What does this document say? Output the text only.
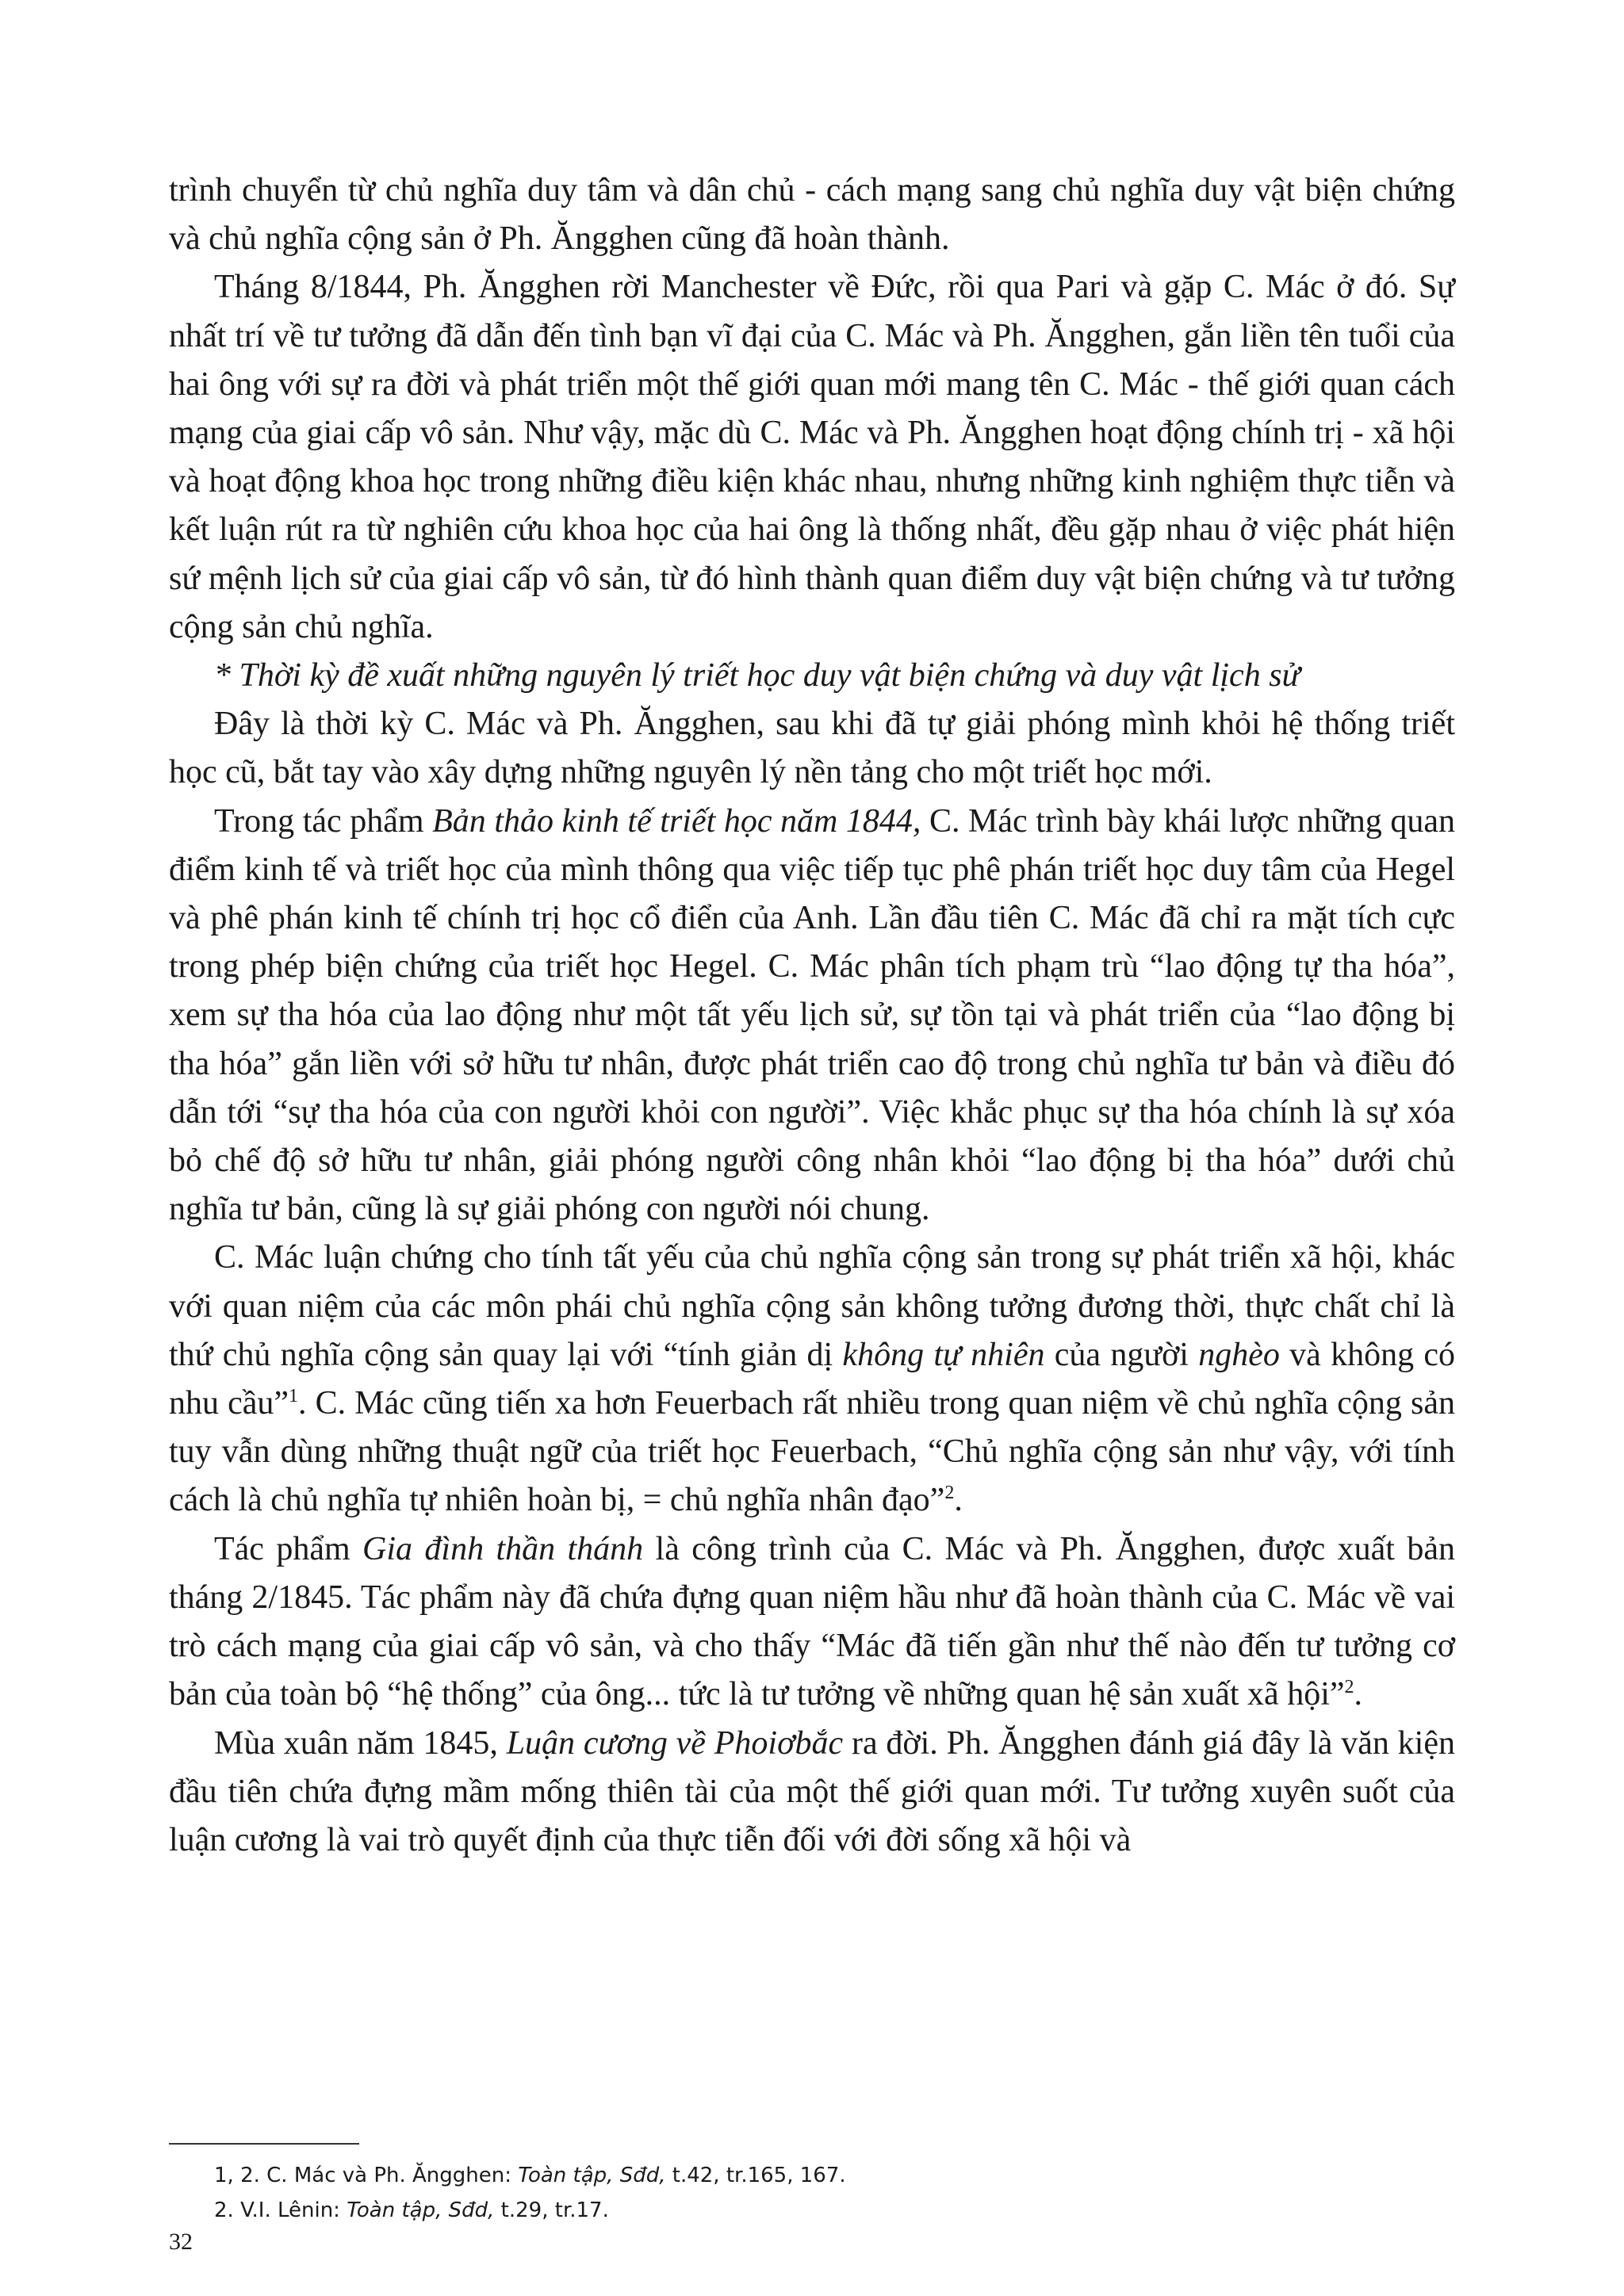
trình chuyển từ chủ nghĩa duy tâm và dân chủ - cách mạng sang chủ nghĩa duy vật biện chứng và chủ nghĩa cộng sản ở Ph. Ăngghen cũng đã hoàn thành.

Tháng 8/1844, Ph. Ăngghen rời Manchester về Đức, rồi qua Pari và gặp C. Mác ở đó. Sự nhất trí về tư tưởng đã dẫn đến tình bạn vĩ đại của C. Mác và Ph. Ăngghen, gắn liền tên tuổi của hai ông với sự ra đời và phát triển một thế giới quan mới mang tên C. Mác - thế giới quan cách mạng của giai cấp vô sản. Như vậy, mặc dù C. Mác và Ph. Ăngghen hoạt động chính trị - xã hội và hoạt động khoa học trong những điều kiện khác nhau, nhưng những kinh nghiệm thực tiễn và kết luận rút ra từ nghiên cứu khoa học của hai ông là thống nhất, đều gặp nhau ở việc phát hiện sứ mệnh lịch sử của giai cấp vô sản, từ đó hình thành quan điểm duy vật biện chứng và tư tưởng cộng sản chủ nghĩa.

* Thời kỳ đề xuất những nguyên lý triết học duy vật biện chứng và duy vật lịch sử

Đây là thời kỳ C. Mác và Ph. Ăngghen, sau khi đã tự giải phóng mình khỏi hệ thống triết học cũ, bắt tay vào xây dựng những nguyên lý nền tảng cho một triết học mới.

Trong tác phẩm Bản thảo kinh tế triết học năm 1844, C. Mác trình bày khái lược những quan điểm kinh tế và triết học của mình thông qua việc tiếp tục phê phán triết học duy tâm của Hegel và phê phán kinh tế chính trị học cổ điển của Anh. Lần đầu tiên C. Mác đã chỉ ra mặt tích cực trong phép biện chứng của triết học Hegel. C. Mác phân tích phạm trù “lao động tự tha hóa”, xem sự tha hóa của lao động như một tất yếu lịch sử, sự tồn tại và phát triển của “lao động bị tha hóa” gắn liền với sở hữu tư nhân, được phát triển cao độ trong chủ nghĩa tư bản và điều đó dẫn tới “sự tha hóa của con người khỏi con người”. Việc khắc phục sự tha hóa chính là sự xóa bỏ chế độ sở hữu tư nhân, giải phóng người công nhân khỏi “lao động bị tha hóa” dưới chủ nghĩa tư bản, cũng là sự giải phóng con người nói chung.

C. Mác luận chứng cho tính tất yếu của chủ nghĩa cộng sản trong sự phát triển xã hội, khác với quan niệm của các môn phái chủ nghĩa cộng sản không tưởng đương thời, thực chất chỉ là thứ chủ nghĩa cộng sản quay lại với “tính giản dị không tự nhiên của người nghèo và không có nhu cầu”$^1$. C. Mác cũng tiến xa hơn Feuerbach rất nhiều trong quan niệm về chủ nghĩa cộng sản tuy vẫn dùng những thuật ngữ của triết học Feuerbach, “Chủ nghĩa cộng sản như vậy, với tính cách là chủ nghĩa tự nhiên hoàn bị, = chủ nghĩa nhân đạo”$^2$.

Tác phẩm Gia đình thần thánh là công trình của C. Mác và Ph. Ăngghen, được xuất bản tháng 2/1845. Tác phẩm này đã chứa đựng quan niệm hầu như đã hoàn thành của C. Mác về vai trò cách mạng của giai cấp vô sản, và cho thấy “Mác đã tiến gần như thế nào đến tư tưởng cơ bản của toàn bộ “hệ thống” của ông... tức là tư tưởng về những quan hệ sản xuất xã hội”$^2$.

Mùa xuân năm 1845, Luận cương về Phoiơbắc ra đời. Ph. Ăngghen đánh giá đây là văn kiện đầu tiên chứa đựng mầm mống thiên tài của một thế giới quan mới. Tư tưởng xuyên suốt của luận cương là vai trò quyết định của thực tiễn đối với đời sống xã hội và

1, 2. C. Mác và Ph. Ăngghen: Toàn tập, Sđd, t.42, tr.165, 167.

2. V.I. Lênin: Toàn tập, Sđd, t.29, tr.17.

32
